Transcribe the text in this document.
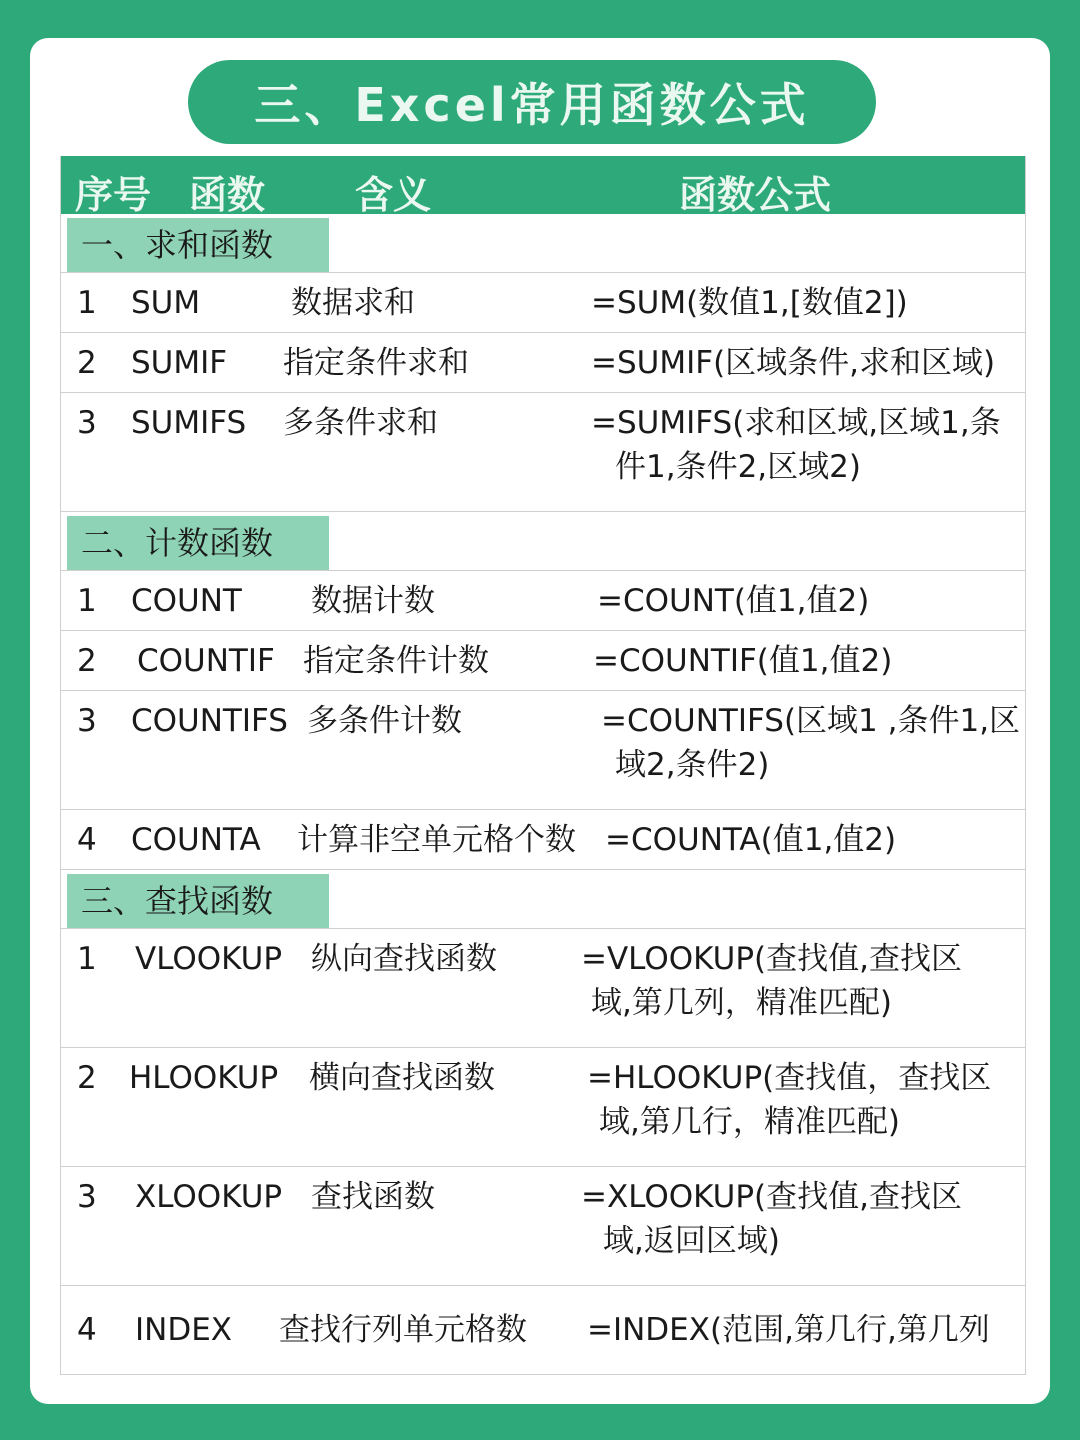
三、Excel常用函数公式
序号 函数 含义	函数公式
一、求和函数
1 SUM	数据求和	=SUM(数值1,[数值2])
2 SUMIF 指定条件求和	=SUMIF(区域条件,求和区域)
3 SUMIFS 多条件求和	=SUMIFS(求和区域,区域1,条
件1,条件2,区域2)
二、计数函数
1 COUNT 数据计数	=COUNT(值1,值2)
2 COUNTIF 指定条件计数	=COUNTIF(值1,值2)
3 COUNTIFS 多条件计数	=COUNTIFS(区域1 ,条件1,区
域2,条件2)
4 COUNTA 计算非空单元格个数 =COUNTA(值1,值2)
三、查找函数
1 VLOOKUP 纵向查找函数	=VLOOKUP(查找值,查找区
域,第几列，精准匹配)
2 HLOOKUP 横向查找函数	=HLOOKUP(查找值，查找区
域,第几行，精准匹配)
3 XLOOKUP 查找函数	=XLOOKUP(查找值,查找区
域,返回区域)
4 INDEX 查找行列单元格数 =INDEX(范围,第几行,第几列
